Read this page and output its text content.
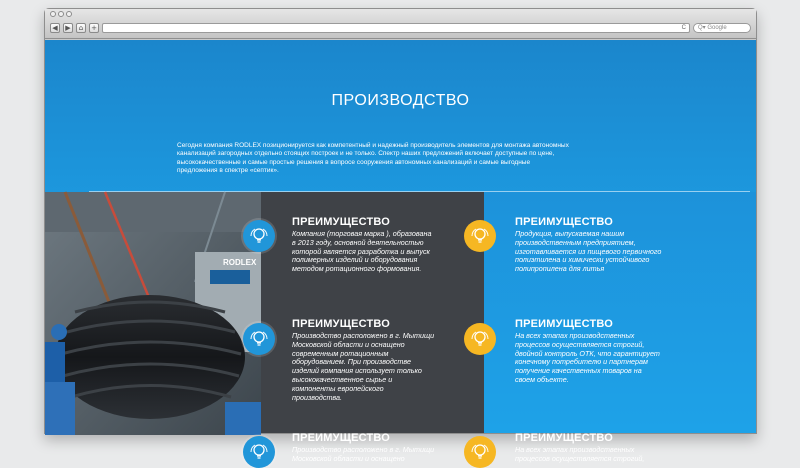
◀	▶	⌂	+	C	Q▾ Google
ПРОИЗВОДСТВО
Сегодня компания RODLEX позиционируется как компетентный и надежный производитель элементов для монтажа автономных
канализаций загородных отдельно стоящих построек и не только. Спектр наших предложений включает доступные по цене,
высококачественные и самые простые решения в вопросе сооружения автономных канализаций и самые выгодные
предложения в спектре «септик».
RODLEX
ПРЕИМУЩЕСТВО
Компания (торговая марка ), образована
в 2013 году, основной деятельностью
которой является разработка и выпуск
полимерных изделий и оборудования
методом ротационного формования.
ПРЕИМУЩЕСТВО
Производство расположено в г. Мытищи
Московской области и оснащено
современным ротационным
оборудованием. При производстве
изделий компания использует только
высококачественное сырье и
компоненты европейского
производства.
ПРЕИМУЩЕСТВО
Производство расположено в г. Мытищи
Московской области и оснащено
ПРЕИМУЩЕСТВО
Продукция, выпускаемая нашим
производственным предприятием,
изготавливается из пищевого первичного
полиэтилена и химически устойчивого
полипропилена для литья
ПРЕИМУЩЕСТВО
На всех этапах производственных
процессов осуществляется строгий,
двойной контроль ОТК, что гарантирует
конечному потребителю и партнерам
получение качественных товаров на
своем объекте.
ПРЕИМУЩЕСТВО
На всех этапах производственных
процессов осуществляется строгий,
